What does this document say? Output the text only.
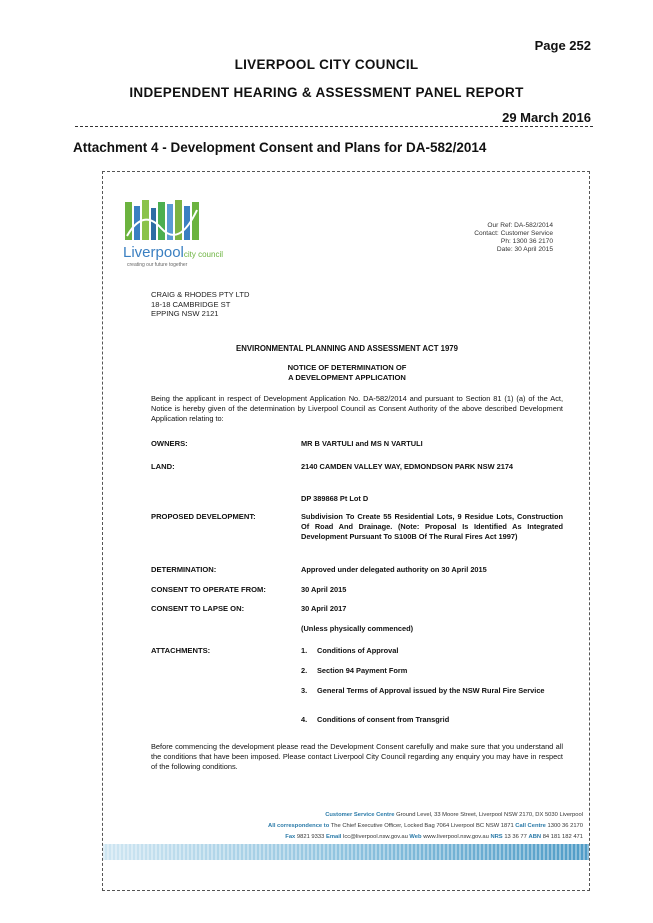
Page 252
LIVERPOOL CITY COUNCIL
INDEPENDENT HEARING & ASSESSMENT PANEL REPORT
29 March 2016
Attachment 4 - Development Consent and Plans for DA-582/2014
Liverpoolcity council
creating our future together
Our Ref: DA-582/2014
Contact: Customer Service
Ph: 1300 36 2170
Date: 30 April 2015
CRAIG & RHODES PTY LTD
18-18 CAMBRIDGE ST
EPPING NSW 2121
ENVIRONMENTAL PLANNING AND ASSESSMENT ACT 1979
NOTICE OF DETERMINATION OF
A DEVELOPMENT APPLICATION
Being the applicant in respect of Development Application No. DA-582/2014 and pursuant to Section 81 (1) (a) of the Act, Notice is hereby given of the determination by Liverpool Council as Consent Authority of the above described Development Application relating to:
OWNERS:	MR B VARTULI and MS N VARTULI
LAND:	2140 CAMDEN VALLEY WAY, EDMONDSON PARK NSW 2174
DP 389868 Pt Lot D
PROPOSED DEVELOPMENT:	Subdivision To Create 55 Residential Lots, 9 Residue Lots, Construction Of Road And Drainage. (Note: Proposal Is Identified As Integrated Development Pursuant To S100B Of The Rural Fires Act 1997)
DETERMINATION:	Approved under delegated authority on 30 April 2015
CONSENT TO OPERATE FROM:	30 April 2015
CONSENT TO LAPSE ON:	30 April 2017
(Unless physically commenced)
ATTACHMENTS:	1. Conditions of Approval
2. Section 94 Payment Form
3. General Terms of Approval issued by the NSW Rural Fire Service
4. Conditions of consent from Transgrid
Before commencing the development please read the Development Consent carefully and make sure that you understand all the conditions that have been imposed. Please contact Liverpool City Council regarding any enquiry you may have in respect of the following conditions.
Customer Service Centre Ground Level, 33 Moore Street, Liverpool NSW 2170, DX 5030 Liverpool
All correspondence to The Chief Executive Officer, Locked Bag 7064 Liverpool BC NSW 1871 Call Centre 1300 36 2170
Fax 9821 9333 Email lcc@liverpool.nsw.gov.au Web www.liverpool.nsw.gov.au NRS 13 36 77 ABN 84 181 182 471
